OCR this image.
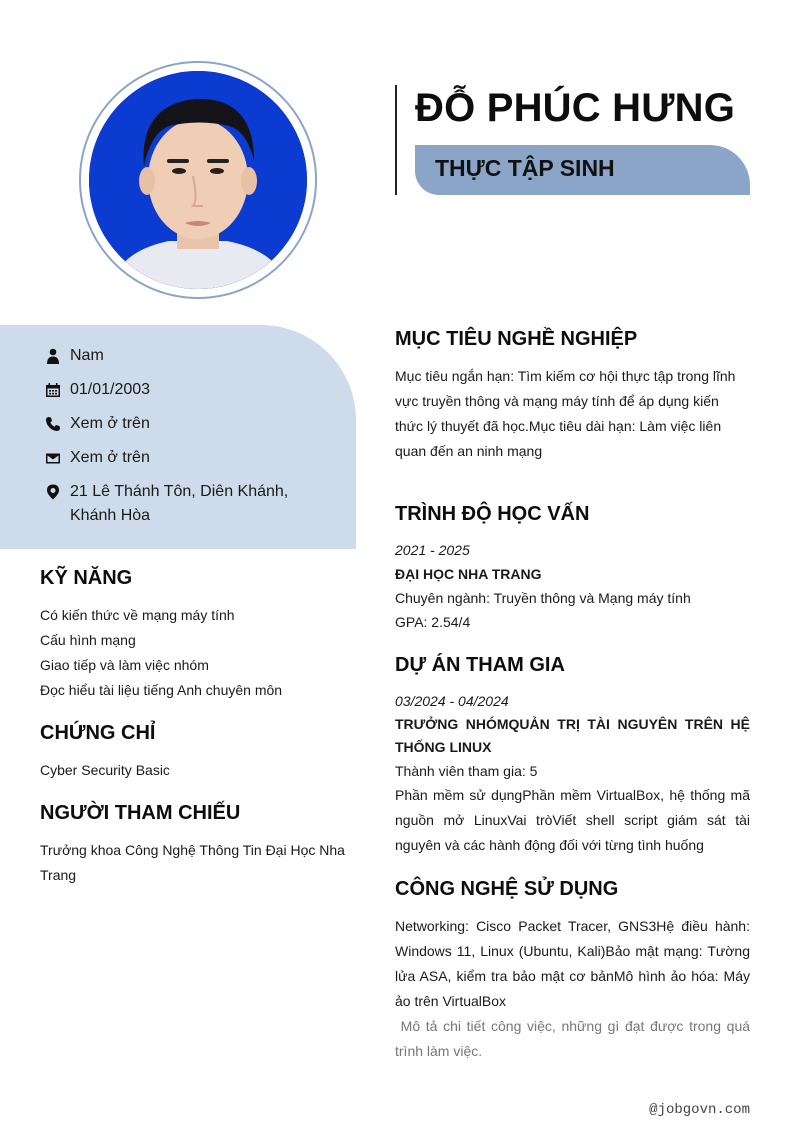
ĐỖ PHÚC HƯNG
THỰC TẬP SINH
Nam
01/01/2003
Xem ở trên
Xem ở trên
21 Lê Thánh Tôn, Diên Khánh, Khánh Hòa
KỸ NĂNG
Có kiến thức về mạng máy tính
Cấu hình mạng
Giao tiếp và làm việc nhóm
Đọc hiểu tài liệu tiếng Anh chuyên môn
CHỨNG CHỈ
Cyber Security Basic
NGƯỜI THAM CHIẾU
Trưởng khoa Công Nghệ Thông Tin Đại Học Nha Trang
MỤC TIÊU NGHỀ NGHIỆP
Mục tiêu ngắn hạn: Tìm kiếm cơ hội thực tập trong lĩnh vực truyền thông và mạng máy tính để áp dụng kiến thức lý thuyết đã học.Mục tiêu dài hạn: Làm việc liên quan đến an ninh mạng
TRÌNH ĐỘ HỌC VẤN
2021 - 2025
ĐẠI HỌC NHA TRANG
Chuyên ngành: Truyền thông và Mạng máy tính
GPA: 2.54/4
DỰ ÁN THAM GIA
03/2024 - 04/2024
TRƯỞNG NHÓMQUẢN TRỊ TÀI NGUYÊN TRÊN HỆ THỐNG LINUX
Thành viên tham gia: 5
Phần mềm sử dụngPhần mềm VirtualBox, hệ thống mã nguồn mở LinuxVai tròViết shell script giám sát tài nguyên và các hành động đối với từng tình huống
CÔNG NGHỆ SỬ DỤNG
Networking: Cisco Packet Tracer, GNS3Hệ điều hành: Windows 11, Linux (Ubuntu, Kali)Bảo mật mạng: Tường lửa ASA, kiểm tra bảo mật cơ bảnMô hình ảo hóa: Máy ảo trên VirtualBox
Mô tả chi tiết công việc, những gì đạt được trong quá trình làm việc.
@jobgovn.com
